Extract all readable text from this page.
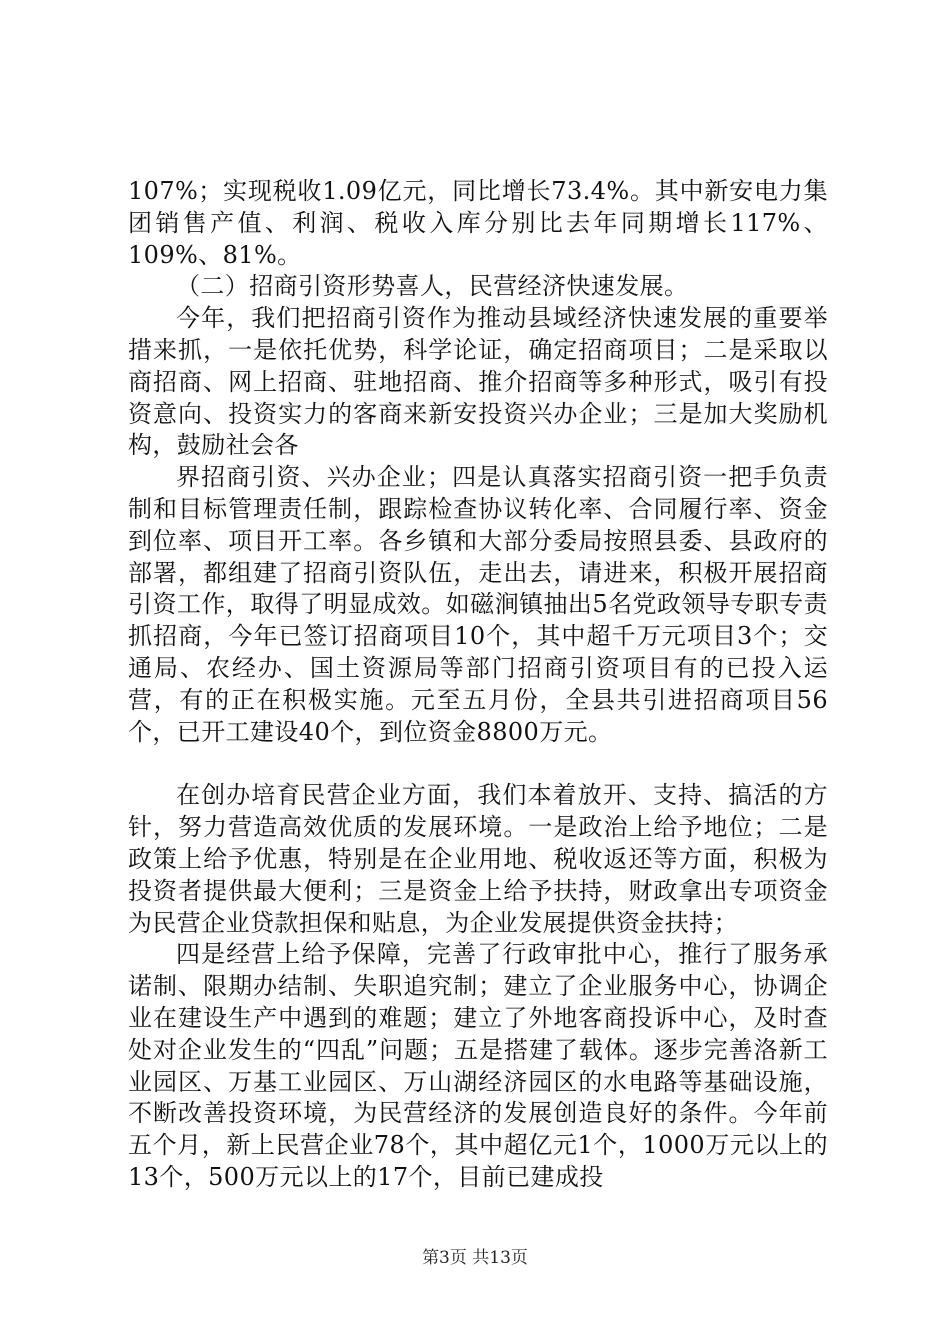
107%；实现税收1.09亿元，同比增长73.4%。其中新安电力集团销售产值、利润、税收入库分别比去年同期增长117%、109%、81%。

（二）招商引资形势喜人，民营经济快速发展。

今年，我们把招商引资作为推动县域经济快速发展的重要举措来抓，一是依托优势，科学论证，确定招商项目；二是采取以商招商、网上招商、驻地招商、推介招商等多种形式，吸引有投资意向、投资实力的客商来新安投资兴办企业；三是加大奖励机构，鼓励社会各

界招商引资、兴办企业；四是认真落实招商引资一把手负责制和目标管理责任制，跟踪检查协议转化率、合同履行率、资金到位率、项目开工率。各乡镇和大部分委局按照县委、县政府的部署，都组建了招商引资队伍，走出去，请进来，积极开展招商引资工作，取得了明显成效。如磁涧镇抽出5名党政领导专职专责抓招商，今年已签订招商项目10个，其中超千万元项目3个；交通局、农经办、国土资源局等部门招商引资项目有的已投入运营，有的正在积极实施。元至五月份，全县共引进招商项目56个，已开工建设40个，到位资金8800万元。

在创办培育民营企业方面，我们本着放开、支持、搞活的方针，努力营造高效优质的发展环境。一是政治上给予地位；二是政策上给予优惠，特别是在企业用地、税收返还等方面，积极为投资者提供最大便利；三是资金上给予扶持，财政拿出专项资金为民营企业贷款担保和贴息，为企业发展提供资金扶持；

四是经营上给予保障，完善了行政审批中心，推行了服务承诺制、限期办结制、失职追究制；建立了企业服务中心，协调企业在建设生产中遇到的难题；建立了外地客商投诉中心，及时查处对企业发生的“四乱”问题；五是搭建了载体。逐步完善洛新工业园区、万基工业园区、万山湖经济园区的水电路等基础设施，不断改善投资环境，为民营经济的发展创造良好的条件。今年前五个月，新上民营企业78个，其中超亿元1个，1000万元以上的13个，500万元以上的17个，目前已建成投

第3页 共13页
